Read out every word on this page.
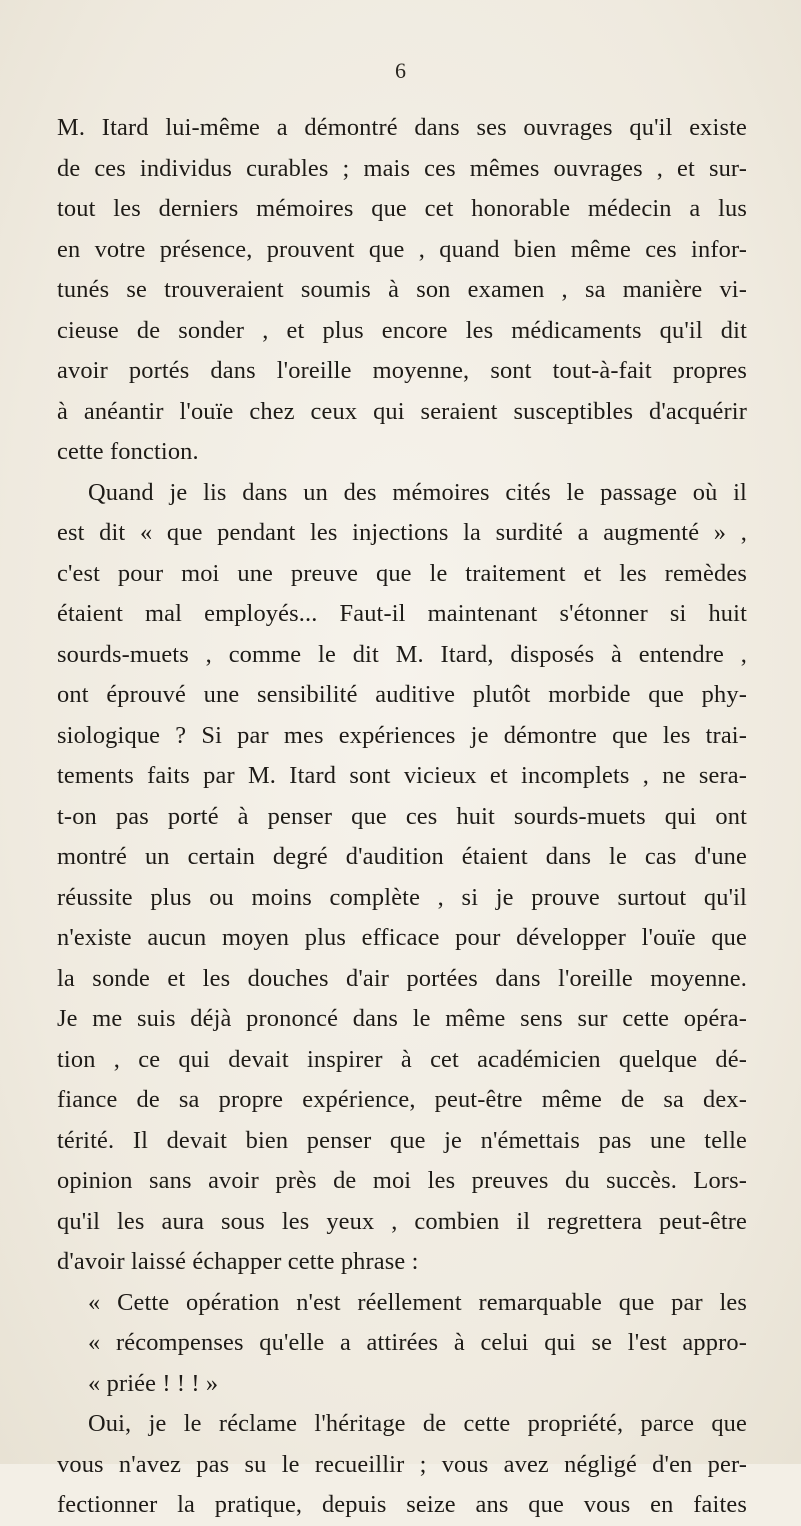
6
M. Itard lui-même a démontré dans ses ouvrages qu'il existe
de ces individus curables ; mais ces mêmes ouvrages , et sur-
tout les derniers mémoires que cet honorable médecin a lus
en votre présence, prouvent que , quand bien même ces infor-
tunés se trouveraient soumis à son examen , sa manière vi-
cieuse de sonder , et plus encore les médicaments qu'il dit
avoir portés dans l'oreille moyenne, sont tout-à-fait propres
à anéantir l'ouïe chez ceux qui seraient susceptibles d'acquérir
cette fonction.
Quand je lis dans un des mémoires cités le passage où il
est dit « que pendant les injections la surdité a augmenté » ,
c'est pour moi une preuve que le traitement et les remèdes
étaient mal employés... Faut-il maintenant s'étonner si huit
sourds-muets , comme le dit M. Itard, disposés à entendre ,
ont éprouvé une sensibilité auditive plutôt morbide que phy-
siologique ? Si par mes expériences je démontre que les trai-
tements faits par M. Itard sont vicieux et incomplets , ne sera-
t-on pas porté à penser que ces huit sourds-muets qui ont
montré un certain degré d'audition étaient dans le cas d'une
réussite plus ou moins complète , si je prouve surtout qu'il
n'existe aucun moyen plus efficace pour développer l'ouïe que
la sonde et les douches d'air portées dans l'oreille moyenne.
Je me suis déjà prononcé dans le même sens sur cette opéra-
tion , ce qui devait inspirer à cet académicien quelque dé-
fiance de sa propre expérience, peut-être même de sa dex-
térité. Il devait bien penser que je n'émettais pas une telle
opinion sans avoir près de moi les preuves du succès. Lors-
qu'il les aura sous les yeux , combien il regrettera peut-être
d'avoir laissé échapper cette phrase :
« Cette opération n'est réellement remarquable que par les
« récompenses qu'elle a attirées à celui qui se l'est appro-
« priée ! ! ! »
Oui, je le réclame l'héritage de cette propriété, parce que
vous n'avez pas su le recueillir ; vous avez négligé d'en per-
fectionner la pratique, depuis seize ans que vous en faites
